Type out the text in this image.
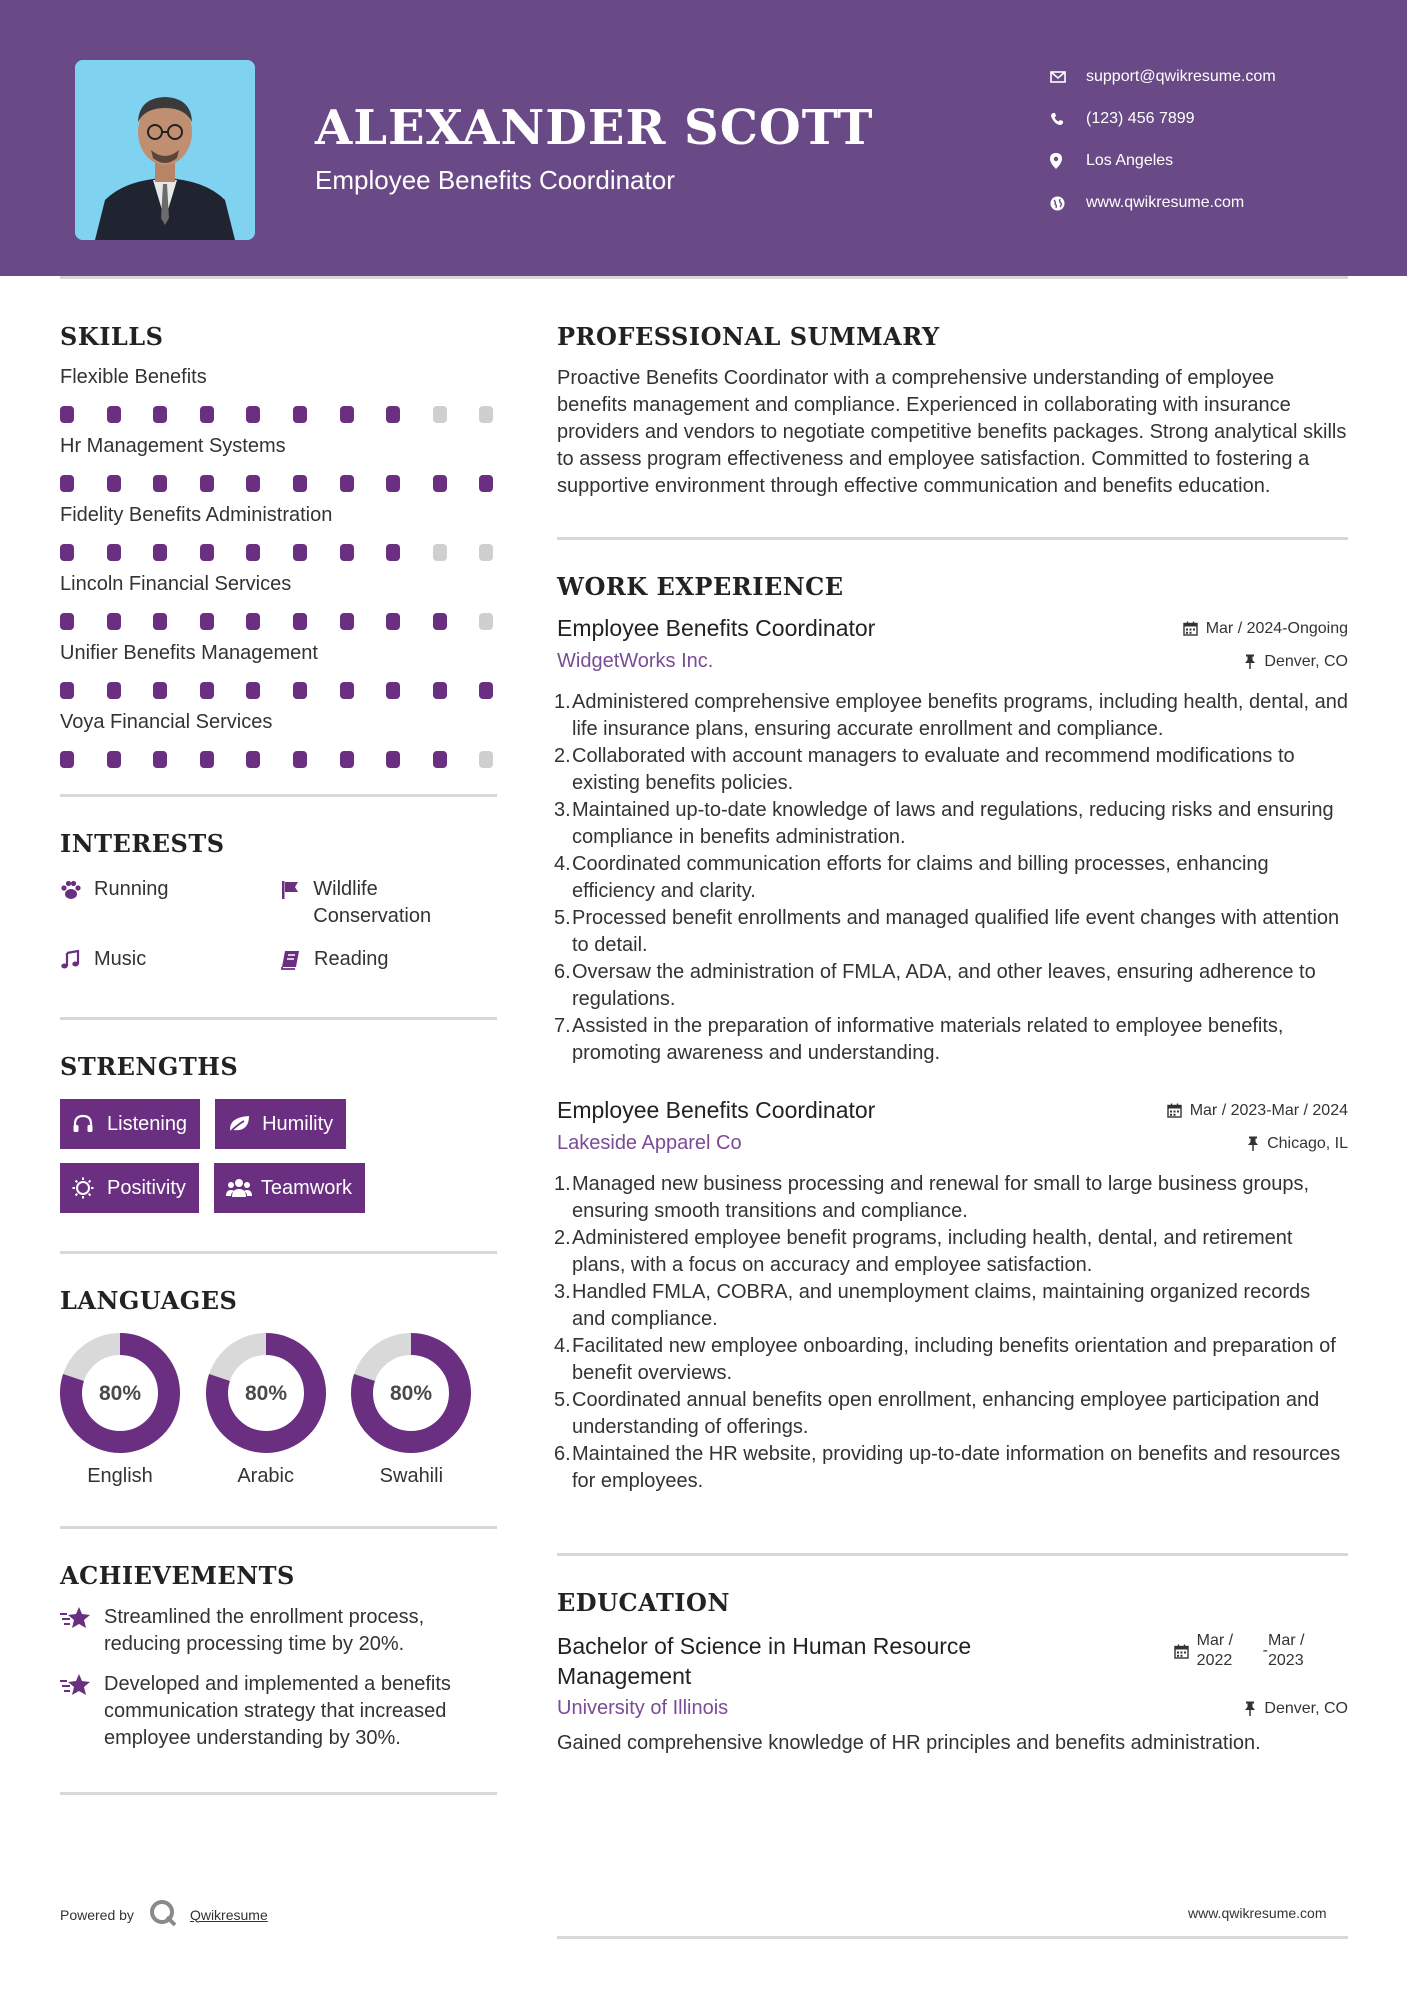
ALEXANDER SCOTT
Employee Benefits Coordinator
support@qwikresume.com
(123) 456 7899
Los Angeles
www.qwikresume.com
SKILLS
Flexible Benefits
Hr Management Systems
Fidelity Benefits Administration
Lincoln Financial Services
Unifier Benefits Management
Voya Financial Services
INTERESTS
Running	Wildlife Conservation
Music	Reading
STRENGTHS
Listening	Humility
Positivity	Teamwork
LANGUAGES
80%
English
80%
Arabic
80%
Swahili
ACHIEVEMENTS
Streamlined the enrollment process, reducing processing time by 20%.
Developed and implemented a benefits communication strategy that increased employee understanding by 30%.
Powered by	Qwikresume
PROFESSIONAL SUMMARY
Proactive Benefits Coordinator with a comprehensive understanding of employee benefits management and compliance. Experienced in collaborating with insurance providers and vendors to negotiate competitive benefits packages. Strong analytical skills to assess program effectiveness and employee satisfaction. Committed to fostering a supportive environment through effective communication and benefits education.
WORK EXPERIENCE
Employee Benefits Coordinator	Mar / 2024-Ongoing
WidgetWorks Inc.	Denver, CO
1. Administered comprehensive employee benefits programs, including health, dental, and life insurance plans, ensuring accurate enrollment and compliance.
2. Collaborated with account managers to evaluate and recommend modifications to existing benefits policies.
3. Maintained up-to-date knowledge of laws and regulations, reducing risks and ensuring compliance in benefits administration.
4. Coordinated communication efforts for claims and billing processes, enhancing efficiency and clarity.
5. Processed benefit enrollments and managed qualified life event changes with attention to detail.
6. Oversaw the administration of FMLA, ADA, and other leaves, ensuring adherence to regulations.
7. Assisted in the preparation of informative materials related to employee benefits, promoting awareness and understanding.
Employee Benefits Coordinator	Mar / 2023-Mar / 2024
Lakeside Apparel Co	Chicago, IL
1. Managed new business processing and renewal for small to large business groups, ensuring smooth transitions and compliance.
2. Administered employee benefit programs, including health, dental, and retirement plans, with a focus on accuracy and employee satisfaction.
3. Handled FMLA, COBRA, and unemployment claims, maintaining organized records and compliance.
4. Facilitated new employee onboarding, including benefits orientation and preparation of benefit overviews.
5. Coordinated annual benefits open enrollment, enhancing employee participation and understanding of offerings.
6. Maintained the HR website, providing up-to-date information on benefits and resources for employees.
EDUCATION
Bachelor of Science in Human Resource Management
Mar / 2022
-
Mar / 2023
University of Illinois	Denver, CO
Gained comprehensive knowledge of HR principles and benefits administration.
www.qwikresume.com
